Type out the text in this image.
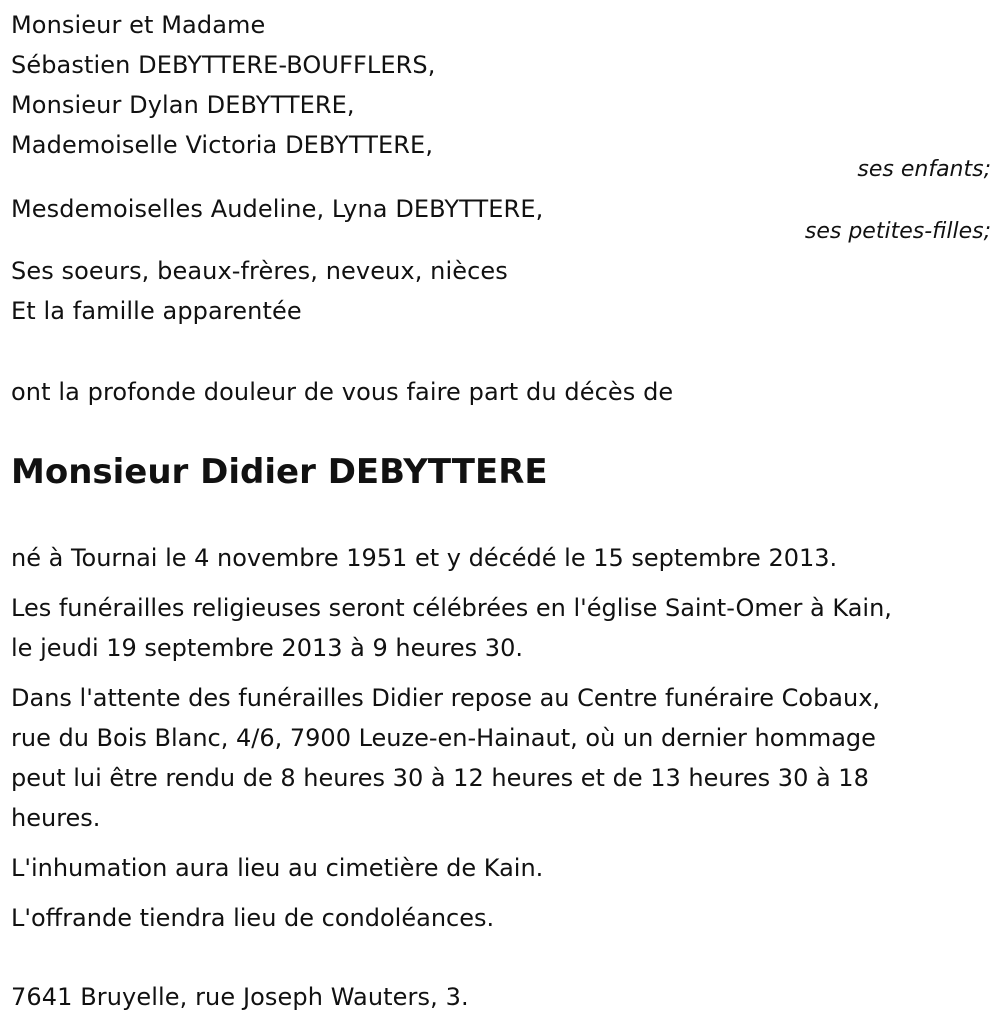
Monsieur et Madame
Sébastien DEBYTTERE-BOUFFLERS,
Monsieur Dylan DEBYTTERE,
Mademoiselle Victoria DEBYTTERE,
ses enfants;
Mesdemoiselles Audeline, Lyna DEBYTTERE,
ses petites-filles;
Ses soeurs, beaux-frères, neveux, nièces
Et la famille apparentée
ont la profonde douleur de vous faire part du décès de
Monsieur Didier DEBYTTERE

né à Tournai le 4 novembre 1951 et y décédé le 15 septembre 2013.

Les funérailles religieuses seront célébrées en l'église Saint-Omer à Kain,
le jeudi 19 septembre 2013 à 9 heures 30.

Dans l'attente des funérailles Didier repose au Centre funéraire Cobaux,
rue du Bois Blanc, 4/6, 7900 Leuze-en-Hainaut, où un dernier hommage
peut lui être rendu de 8 heures 30 à 12 heures et de 13 heures 30 à 18
heures.

L'inhumation aura lieu au cimetière de Kain.

L'offrande tiendra lieu de condoléances.

7641 Bruyelle, rue Joseph Wauters, 3.
